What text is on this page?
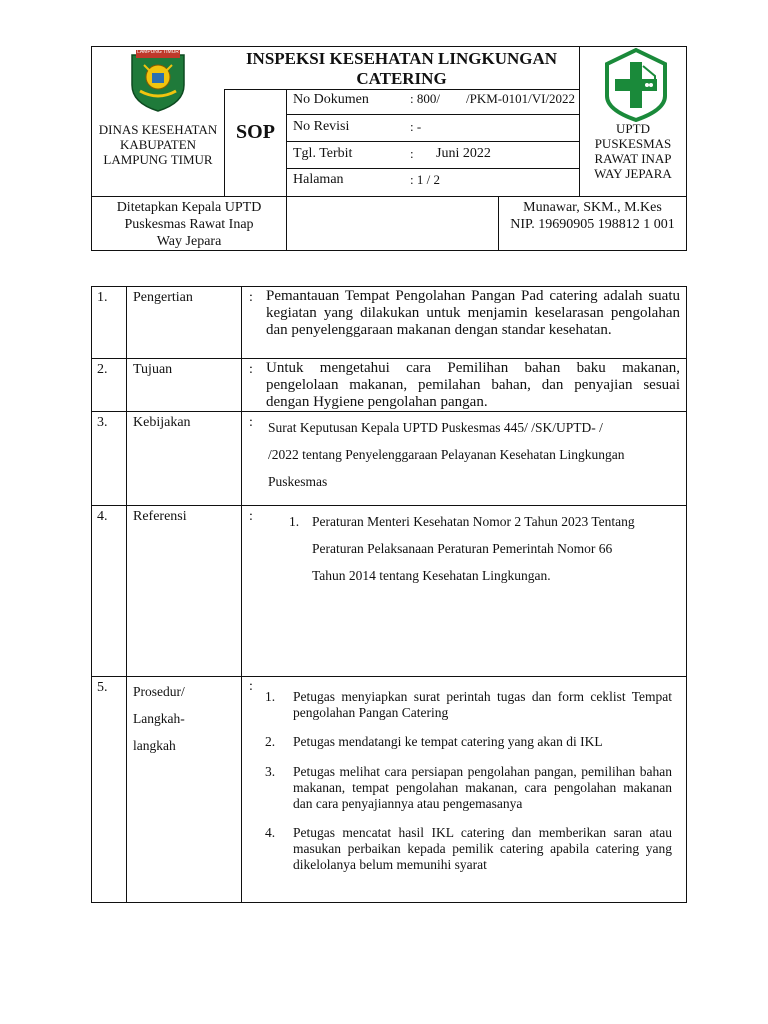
LAMPUNG TIMUR
DINAS KESEHATAN
KABUPATEN
LAMPUNG TIMUR
INSPEKSI KESEHATAN LINGKUNGAN
CATERING
SOP
No Dokumen	: 800/ /PKM-0101/VI/2022
No Revisi	: -
Tgl. Terbit	: Juni 2022
Halaman	: 1 / 2
UPTD
PUSKESMAS
RAWAT INAP
WAY JEPARA
Ditetapkan Kepala UPTD
Puskesmas Rawat Inap
Way Jepara
Munawar, SKM., M.Kes
NIP. 19690905 198812 1 001
1. Pengertian	: Pemantauan Tempat Pengolahan Pangan Pad catering adalah suatu kegiatan yang dilakukan untuk menjamin keselarasan pengolahan dan penyelenggaraan makanan dengan standar kesehatan.
2. Tujuan	: Untuk mengetahui cara Pemilihan bahan baku makanan, pengelolaan makanan, pemilahan bahan, dan penyajian sesuai dengan Hygiene pengolahan pangan.
3. Kebijakan	: Surat Keputusan Kepala UPTD Puskesmas 445/ /SK/UPTD- /
/2022 tentang Penyelenggaraan Pelayanan Kesehatan Lingkungan
Puskesmas
4. Referensi	:	1. Peraturan Menteri Kesehatan Nomor 2 Tahun 2023 Tentang
Peraturan Pelaksanaan Peraturan Pemerintah Nomor 66
Tahun 2014 tentang Kesehatan Lingkungan.
5. Prosedur/
Langkah-
langkah
:
1. Petugas menyiapkan surat perintah tugas dan form ceklist Tempat pengolahan Pangan Catering
2. Petugas mendatangi ke tempat catering yang akan di IKL
3. Petugas melihat cara persiapan pengolahan pangan, pemilihan bahan makanan, tempat pengolahan makanan, cara pengolahan makanan dan cara penyajiannya atau pengemasanya
4. Petugas mencatat hasil IKL catering dan memberikan saran atau masukan perbaikan kepada pemilik catering apabila catering yang dikelolanya belum memunihi syarat
